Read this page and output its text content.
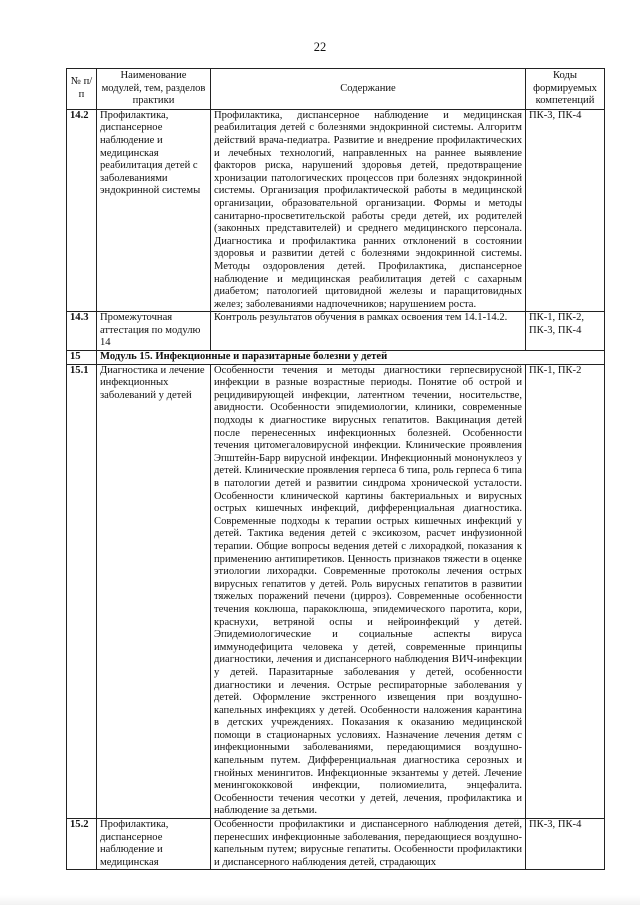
22
№ п/п	Наименование модулей, тем, разделов практики	Содержание	Коды формируемых компетенций
14.2	Профилактика, диспансерное наблюдение и медицинская реабилитация детей с заболеваниями эндокринной системы	Профилактика, диспансерное наблюдение и медицинская реабилитация детей с болезнями эндокринной системы. Алгоритм действий врача-педиатра. Развитие и внедрение профилактических и лечебных технологий, направленных на раннее выявление факторов риска, нарушений здоровья детей, предотвращение хронизации патологических процессов при болезнях эндокринной системы. Организация профилактической работы в медицинской организации, образовательной организации. Формы и методы санитарно-просветительской работы среди детей, их родителей (законных представителей) и среднего медицинского персонала. Диагностика и профилактика ранних отклонений в состоянии здоровья и развитии детей с болезнями эндокринной системы. Методы оздоровления детей. Профилактика, диспансерное наблюдение и медицинская реабилитация детей с сахарным диабетом; патологией щитовидной железы и паращитовидных желез; заболеваниями надпочечников; нарушением роста.	ПК-3, ПК-4
14.3	Промежуточная аттестация по модулю 14	Контроль результатов обучения в рамках освоения тем 14.1-14.2.	ПК-1, ПК-2, ПК-3, ПК-4
15	Модуль 15. Инфекционные и паразитарные болезни у детей		
15.1	Диагностика и лечение инфекционных заболеваний у детей	Особенности течения и методы диагностики герпесвирусной инфекции в разные возрастные периоды. Понятие об острой и рецидивирующей инфекции, латентном течении, носительстве, авидности. Особенности эпидемиологии, клиники, современные подходы к диагностике вирусных гепатитов. Вакцинация детей после перенесенных инфекционных болезней. Особенности течения цитомегаловирусной инфекции. Клинические проявления Эпштейн-Барр вирусной инфекции. Инфекционный мононуклеоз у детей. Клинические проявления герпеса 6 типа, роль герпеса 6 типа в патологии детей и развитии синдрома хронической усталости. Особенности клинической картины бактериальных и вирусных острых кишечных инфекций, дифференциальная диагностика. Современные подходы к терапии острых кишечных инфекций у детей. Тактика ведения детей с эксикозом, расчет инфузионной терапии. Общие вопросы ведения детей с лихорадкой, показания к применению антипиретиков. Ценность признаков тяжести в оценке этиологии лихорадки. Современные протоколы лечения острых вирусных гепатитов у детей. Роль вирусных гепатитов в развитии тяжелых поражений печени (цирроз). Современные особенности течения коклюша, паракоклюша, эпидемического паротита, кори, краснухи, ветряной оспы и нейроинфекций у детей. Эпидемиологические и социальные аспекты вируса иммунодефицита человека у детей, современные принципы диагностики, лечения и диспансерного наблюдения ВИЧ-инфекции у детей. Паразитарные заболевания у детей, особенности диагностики и лечения. Острые респираторные заболевания у детей. Оформление экстренного извещения при воздушно-капельных инфекциях у детей. Особенности наложения карантина в детских учреждениях. Показания к оказанию медицинской помощи в стационарных условиях. Назначение лечения детям с инфекционными заболеваниями, передающимися воздушно-капельным путем. Дифференциальная диагностика серозных и гнойных менингитов. Инфекционные экзантемы у детей. Лечение менингококковой инфекции, полиомиелита, энцефалита. Особенности течения чесотки у детей, лечения, профилактика и наблюдение за детьми.	ПК-1, ПК-2
15.2	Профилактика, диспансерное наблюдение и медицинская	Особенности профилактики и диспансерного наблюдения детей, перенесших инфекционные заболевания, передающиеся воздушно-капельным путем; вирусные гепатиты. Особенности профилактики и диспансерного наблюдения детей, страдающих	ПК-3, ПК-4
